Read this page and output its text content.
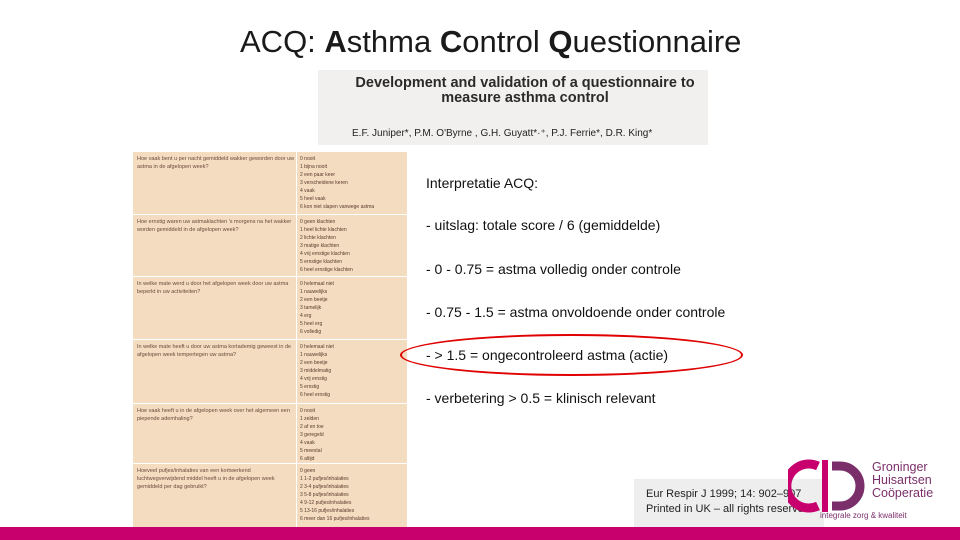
ACQ: Asthma Control Questionnaire
Development and validation of a questionnaire to measure asthma control
E.F. Juniper*, P.M. O'Byrne , G.H. Guyatt*·⁺, P.J. Ferrie*, D.R. King*
Hoe vaak bent u per nacht gemiddeld wakker geworden door uw astma in de afgelopen week?
0 nooit
1 bijna nooit
2 een paar keer
3 verscheidene keren
4 vaak
5 heel vaak
6 kon niet slapen vanwege astma
Hoe ernstig waren uw astmaklachten 's morgens na het wakker worden gemiddeld in de afgelopen week?
0 geen klachten
1 heel lichte klachten
2 lichte klachten
3 matige klachten
4 vrij ernstige klachten
5 ernstige klachten
6 heel ernstige klachten
In welke mate werd u door het afgelopen week door uw astma beperkt in uw activiteiten?
0 helemaal niet
1 nauwelijks
2 een beetje
3 tamelijk
4 erg
5 heel erg
6 volledig
In welke mate heeft u door uw astma kortademig geweest in de afgelopen week tempertegen uw astma?
0 helemaal niet
1 nauwelijks
2 een beetje
3 middelmatig
4 vrij ernstig
5 ernstig
6 heel ernstig
Hoe vaak heeft u in de afgelopen week over het algemeen een piepende ademhaling?
0 nooit
1 zelden
2 af en toe
3 geregeld
4 vaak
5 meestal
6 altijd
Hoeveel pufjes/inhalaties van een kortwerkend luchtwegverwijdend middel heeft u in de afgelopen week gemiddeld per dag gebruikt?
0 geen
1 1-2 pufjes/inhalaties
2 3-4 pufjes/inhalaties
3 5-8 pufjes/inhalaties
4 9-12 pufjes/inhalaties
5 13-16 pufjes/inhalaties
6 meer dan 16 pufjes/inhalaties
Interpretatie ACQ:
- uitslag: totale score / 6 (gemiddelde)
- 0 - 0.75 = astma volledig onder controle
- 0.75 - 1.5 = astma onvoldoende onder controle
- > 1.5 = ongecontroleerd astma (actie)
- verbetering > 0.5 = klinisch relevant
Eur Respir J 1999; 14: 902–907
Printed in UK – all rights reserved
Groninger
Huisartsen
Coöperatie
integrale zorg & kwaliteit
